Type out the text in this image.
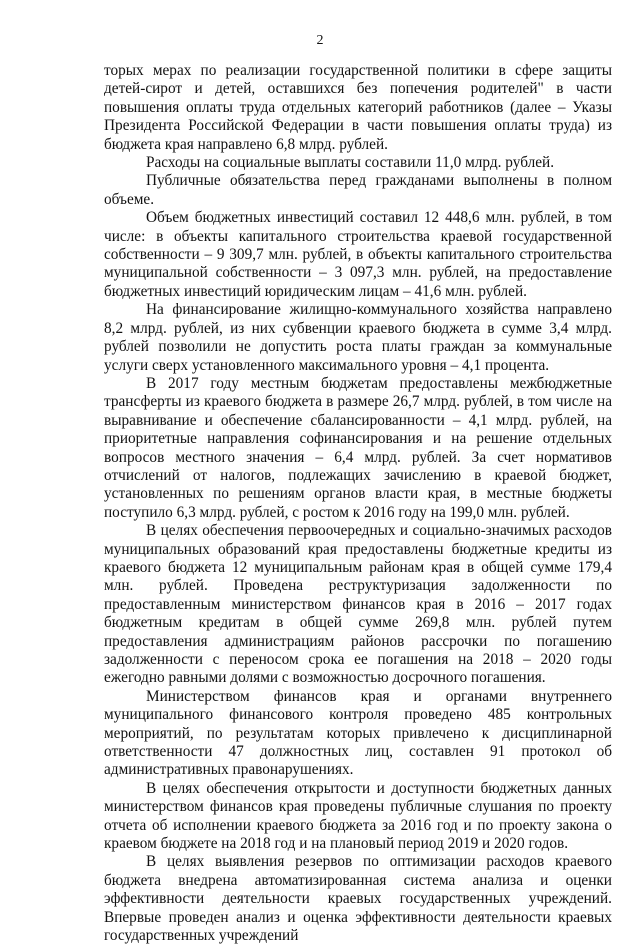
2

торых мерах по реализации государственной политики в сфере защиты детей-сирот и детей, оставшихся без попечения родителей" в части повышения оплаты труда отдельных категорий работников (далее – Указы Президента Российской Федерации в части повышения оплаты труда) из бюджета края направлено 6,8 млрд. рублей.

Расходы на социальные выплаты составили 11,0 млрд. рублей.

Публичные обязательства перед гражданами выполнены в полном объеме.

Объем бюджетных инвестиций составил 12 448,6 млн. рублей, в том числе: в объекты капитального строительства краевой государственной собственности – 9 309,7 млн. рублей, в объекты капитального строительства муниципальной собственности – 3 097,3 млн. рублей, на предоставление бюджетных инвестиций юридическим лицам – 41,6 млн. рублей.

На финансирование жилищно-коммунального хозяйства направлено 8,2 млрд. рублей, из них субвенции краевого бюджета в сумме 3,4 млрд. рублей позволили не допустить роста платы граждан за коммунальные услуги сверх установленного максимального уровня – 4,1 процента.

В 2017 году местным бюджетам предоставлены межбюджетные трансферты из краевого бюджета в размере 26,7 млрд. рублей, в том числе на выравнивание и обеспечение сбалансированности – 4,1 млрд. рублей, на приоритетные направления софинансирования и на решение отдельных вопросов местного значения – 6,4 млрд. рублей. За счет нормативов отчислений от налогов, подлежащих зачислению в краевой бюджет, установленных по решениям органов власти края, в местные бюджеты поступило 6,3 млрд. рублей, с ростом к 2016 году на 199,0 млн. рублей.

В целях обеспечения первоочередных и социально-значимых расходов муниципальных образований края предоставлены бюджетные кредиты из краевого бюджета 12 муниципальным районам края в общей сумме 179,4 млн. рублей. Проведена реструктуризация задолженности по предоставленным министерством финансов края в 2016 – 2017 годах бюджетным кредитам в общей сумме 269,8 млн. рублей путем предоставления администрациям районов рассрочки по погашению задолженности с переносом срока ее погашения на 2018 – 2020 годы ежегодно равными долями с возможностью досрочного погашения.

Министерством финансов края и органами внутреннего муниципального финансового контроля проведено 485 контрольных мероприятий, по результатам которых привлечено к дисциплинарной ответственности 47 должностных лиц, составлен 91 протокол об административных правонарушениях.

В целях обеспечения открытости и доступности бюджетных данных министерством финансов края проведены публичные слушания по проекту отчета об исполнении краевого бюджета за 2016 год и по проекту закона о краевом бюджете на 2018 год и на плановый период 2019 и 2020 годов.

В целях выявления резервов по оптимизации расходов краевого бюджета внедрена автоматизированная система анализа и оценки эффективности деятельности краевых государственных учреждений. Впервые проведен анализ и оценка эффективности деятельности краевых государственных учреждений
